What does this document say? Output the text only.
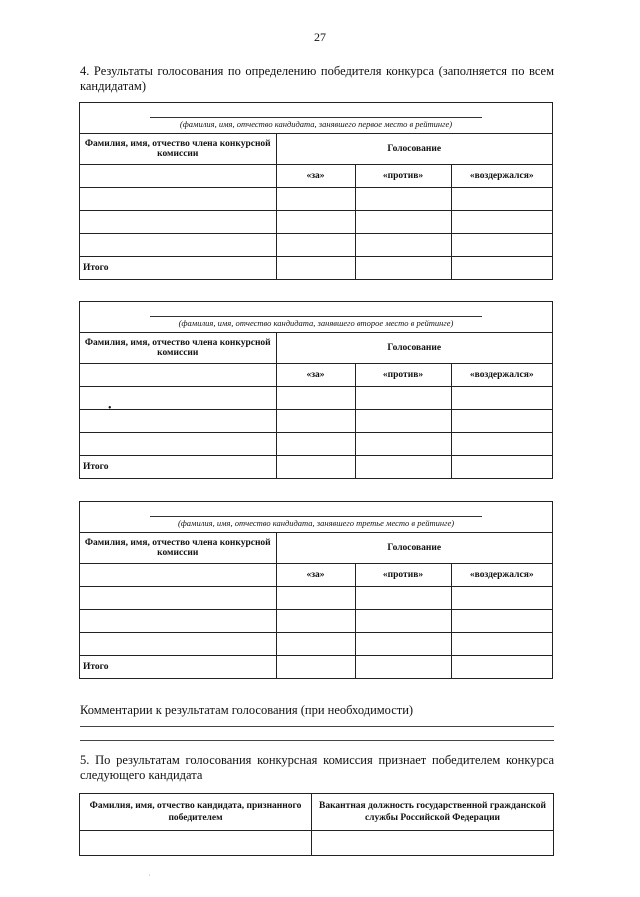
27
4. Результаты голосования по определению победителя конкурса (заполняется по всем кандидатам)
(фамилия, имя, отчество кандидата, занявшего первое место в рейтинге)
Фамилия, имя, отчество члена конкурсной комиссии	Голосование		
	«за»	«против»	«воздержался»

Итого			
(фамилия, имя, отчество кандидата, занявшего второе место в рейтинге)
Фамилия, имя, отчество члена конкурсной комиссии	Голосование		
	«за»	«против»	«воздержался»

Итого			
(фамилия, имя, отчество кандидата, занявшего третье место в рейтинге)
Фамилия, имя, отчество члена конкурсной комиссии	Голосование		
	«за»	«против»	«воздержался»

Итого			
•
Комментарии к результатам голосования (при необходимости)
5. По результатам голосования конкурсная комиссия признает победителем конкурса следующего кандидата
Фамилия, имя, отчество кандидата, признанного победителем	Вакантная должность государственной гражданской службы Российской Федерации

·
